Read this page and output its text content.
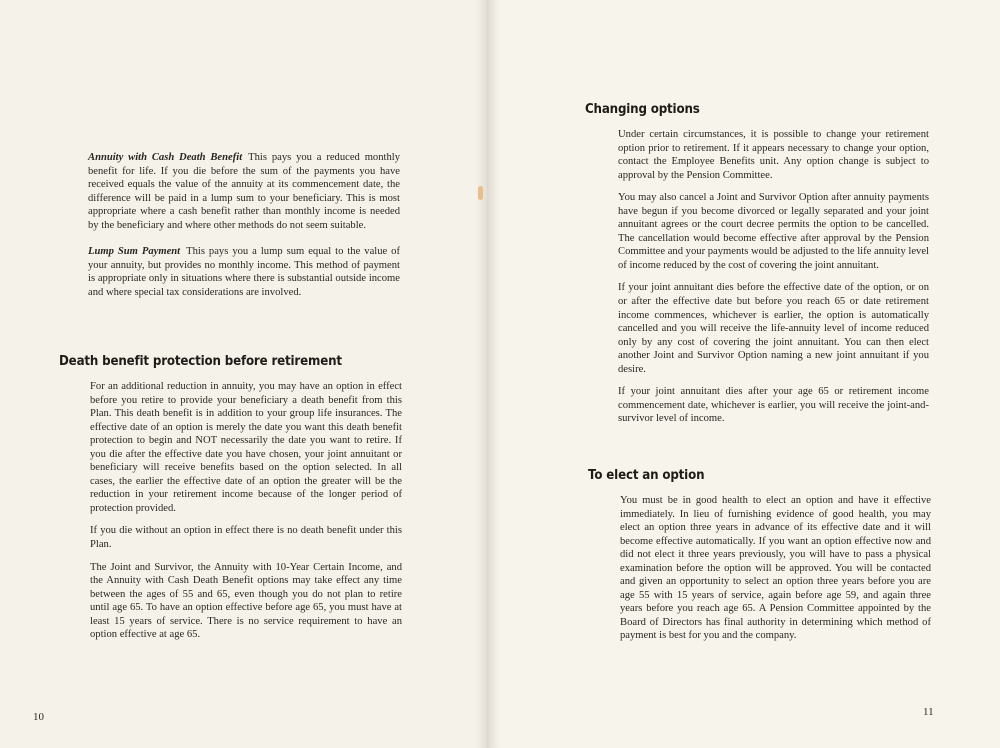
Annuity with Cash Death Benefit This pays you a reduced monthly benefit for life. If you die before the sum of the payments you have received equals the value of the annuity at its commencement date, the difference will be paid in a lump sum to your beneficiary. This is most appropriate where a cash benefit rather than monthly income is needed by the beneficiary and where other methods do not seem suitable.

Lump Sum Payment This pays you a lump sum equal to the value of your annuity, but provides no monthly income. This method of payment is appropriate only in situations where there is substantial outside income and where special tax considerations are involved.

Death benefit protection before retirement

For an additional reduction in annuity, you may have an option in effect before you retire to provide your beneficiary a death benefit from this Plan. This death benefit is in addition to your group life insurances. The effective date of an option is merely the date you want this death benefit protection to begin and NOT necessarily the date you want to retire. If you die after the effective date you have chosen, your joint annuitant or beneficiary will receive benefits based on the option selected. In all cases, the earlier the effective date of an option the greater will be the reduction in your retirement income because of the longer period of protection provided.

If you die without an option in effect there is no death benefit under this Plan.

The Joint and Survivor, the Annuity with 10-Year Certain Income, and the Annuity with Cash Death Benefit options may take effect any time between the ages of 55 and 65, even though you do not plan to retire until age 65. To have an option effective before age 65, you must have at least 15 years of service. There is no service requirement to have an option effective at age 65.

10
Changing options

Under certain circumstances, it is possible to change your retirement option prior to retirement. If it appears necessary to change your option, contact the Employee Benefits unit. Any option change is subject to approval by the Pension Committee.

You may also cancel a Joint and Survivor Option after annuity payments have begun if you become divorced or legally separated and your joint annuitant agrees or the court decree permits the option to be cancelled. The cancellation would become effective after approval by the Pension Committee and your payments would be adjusted to the life annuity level of income reduced by the cost of covering the joint annuitant.

If your joint annuitant dies before the effective date of the option, or on or after the effective date but before you reach 65 or date retirement income commences, whichever is earlier, the option is automatically cancelled and you will receive the life-annuity level of income reduced only by any cost of covering the joint annuitant. You can then elect another Joint and Survivor Option naming a new joint annuitant if you desire.

If your joint annuitant dies after your age 65 or retirement income commencement date, whichever is earlier, you will receive the joint-and-survivor level of income.

To elect an option

You must be in good health to elect an option and have it effective immediately. In lieu of furnishing evidence of good health, you may elect an option three years in advance of its effective date and it will become effective automatically. If you want an option effective now and did not elect it three years previously, you will have to pass a physical examination before the option will be approved. You will be contacted and given an opportunity to select an option three years before you are age 55 with 15 years of service, again before age 59, and again three years before you reach age 65. A Pension Committee appointed by the Board of Directors has final authority in determining which method of payment is best for you and the company.

11
